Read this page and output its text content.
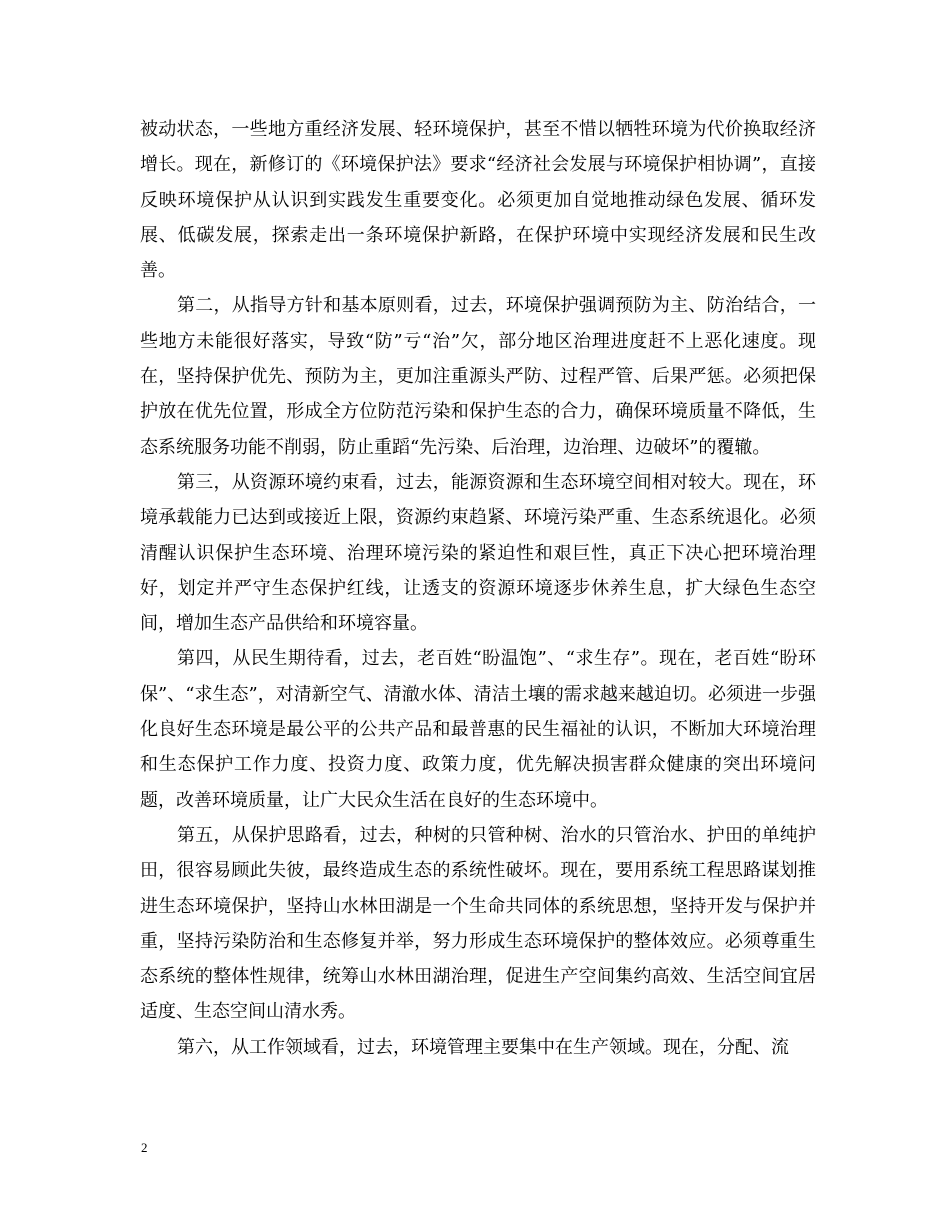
被动状态，一些地方重经济发展、轻环境保护，甚至不惜以牺牲环境为代价换取经济增长。现在，新修订的《环境保护法》要求“经济社会发展与环境保护相协调”，直接反映环境保护从认识到实践发生重要变化。必须更加自觉地推动绿色发展、循环发展、低碳发展，探索走出一条环境保护新路，在保护环境中实现经济发展和民生改善。

第二，从指导方针和基本原则看，过去，环境保护强调预防为主、防治结合，一些地方未能很好落实，导致“防”亏“治”欠，部分地区治理进度赶不上恶化速度。现在，坚持保护优先、预防为主，更加注重源头严防、过程严管、后果严惩。必须把保护放在优先位置，形成全方位防范污染和保护生态的合力，确保环境质量不降低，生态系统服务功能不削弱，防止重蹈“先污染、后治理，边治理、边破坏”的覆辙。

第三，从资源环境约束看，过去，能源资源和生态环境空间相对较大。现在，环境承载能力已达到或接近上限，资源约束趋紧、环境污染严重、生态系统退化。必须清醒认识保护生态环境、治理环境污染的紧迫性和艰巨性，真正下决心把环境治理好，划定并严守生态保护红线，让透支的资源环境逐步休养生息，扩大绿色生态空间，增加生态产品供给和环境容量。

第四，从民生期待看，过去，老百姓“盼温饱”、“求生存”。现在，老百姓“盼环保”、“求生态”，对清新空气、清澈水体、清洁土壤的需求越来越迫切。必须进一步强化良好生态环境是最公平的公共产品和最普惠的民生福祉的认识，不断加大环境治理和生态保护工作力度、投资力度、政策力度，优先解决损害群众健康的突出环境问题，改善环境质量，让广大民众生活在良好的生态环境中。

第五，从保护思路看，过去，种树的只管种树、治水的只管治水、护田的单纯护田，很容易顾此失彼，最终造成生态的系统性破坏。现在，要用系统工程思路谋划推进生态环境保护，坚持山水林田湖是一个生命共同体的系统思想，坚持开发与保护并重，坚持污染防治和生态修复并举，努力形成生态环境保护的整体效应。必须尊重生态系统的整体性规律，统筹山水林田湖治理，促进生产空间集约高效、生活空间宜居适度、生态空间山清水秀。

第六，从工作领域看，过去，环境管理主要集中在生产领域。现在，分配、流

2
